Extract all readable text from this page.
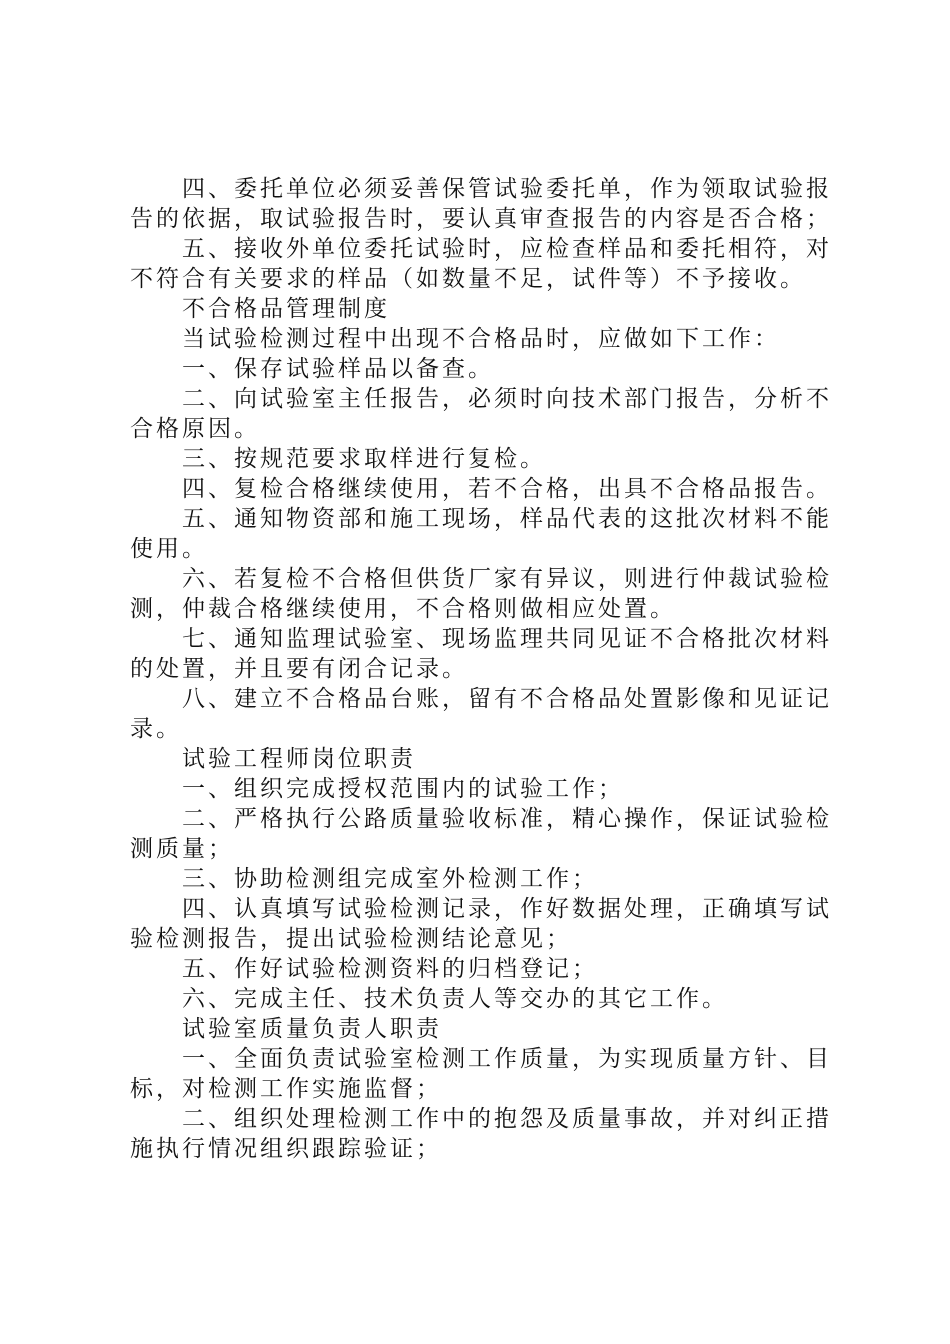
四、委托单位必须妥善保管试验委托单，作为领取试验报告的依据，取试验报告时，要认真审查报告的内容是否合格；

五、接收外单位委托试验时，应检查样品和委托相符，对不符合有关要求的样品（如数量不足，试件等）不予接收。

不合格品管理制度

当试验检测过程中出现不合格品时，应做如下工作：

一、保存试验样品以备查。

二、向试验室主任报告，必须时向技术部门报告，分析不合格原因。

三、按规范要求取样进行复检。

四、复检合格继续使用，若不合格，出具不合格品报告。

五、通知物资部和施工现场，样品代表的这批次材料不能使用。

六、若复检不合格但供货厂家有异议，则进行仲裁试验检测，仲裁合格继续使用，不合格则做相应处置。

七、通知监理试验室、现场监理共同见证不合格批次材料的处置，并且要有闭合记录。

八、建立不合格品台账，留有不合格品处置影像和见证记录。

试验工程师岗位职责

一、组织完成授权范围内的试验工作；

二、严格执行公路质量验收标准，精心操作，保证试验检测质量；

三、协助检测组完成室外检测工作；

四、认真填写试验检测记录，作好数据处理，正确填写试验检测报告，提出试验检测结论意见；

五、作好试验检测资料的归档登记；

六、完成主任、技术负责人等交办的其它工作。

试验室质量负责人职责

一、全面负责试验室检测工作质量，为实现质量方针、目标，对检测工作实施监督；

二、组织处理检测工作中的抱怨及质量事故，并对纠正措施执行情况组织跟踪验证；
